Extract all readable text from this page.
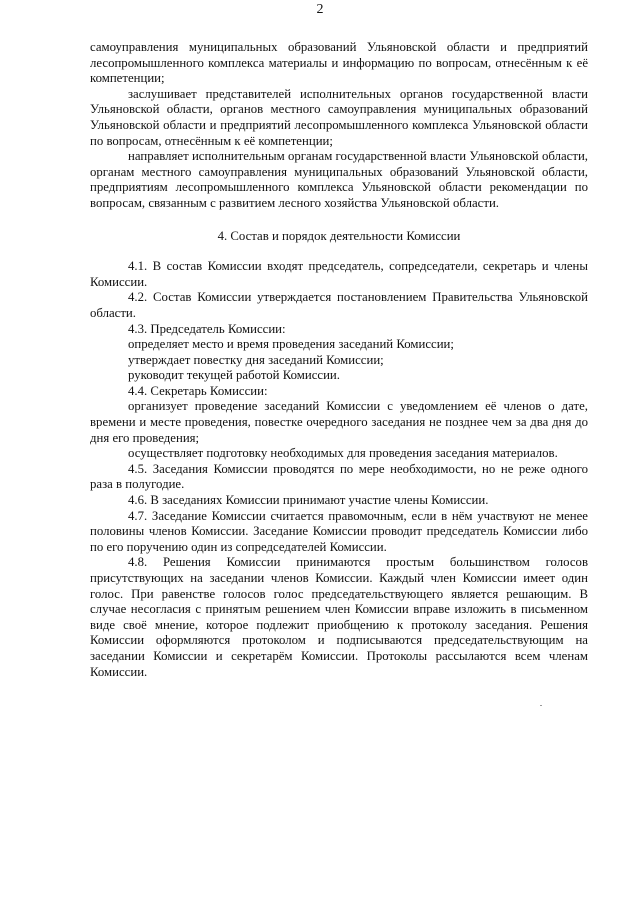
2

самоуправления муниципальных образований Ульяновской области и предприятий лесопромышленного комплекса материалы и информацию по вопросам, отнесённым к её компетенции;

заслушивает представителей исполнительных органов государственной власти Ульяновской области, органов местного самоуправления муниципальных образований Ульяновской области и предприятий лесопромышленного комплекса Ульяновской области по вопросам, отнесённым к её компетенции;

направляет исполнительным органам государственной власти Ульяновской области, органам местного самоуправления муниципальных образований Ульяновской области, предприятиям лесопромышленного комплекса Ульяновской области рекомендации по вопросам, связанным с развитием лесного хозяйства Ульяновской области.

4. Состав и порядок деятельности Комиссии

4.1. В состав Комиссии входят председатель, сопредседатели, секретарь и члены Комиссии.

4.2. Состав Комиссии утверждается постановлением Правительства Ульяновской области.

4.3. Председатель Комиссии:

определяет место и время проведения заседаний Комиссии;

утверждает повестку дня заседаний Комиссии;

руководит текущей работой Комиссии.

4.4. Секретарь Комиссии:

организует проведение заседаний Комиссии с уведомлением её членов о дате, времени и месте проведения, повестке очередного заседания не позднее чем за два дня до дня его проведения;

осуществляет подготовку необходимых для проведения заседания материалов.

4.5. Заседания Комиссии проводятся по мере необходимости, но не реже одного раза в полугодие.

4.6. В заседаниях Комиссии принимают участие члены Комиссии.

4.7. Заседание Комиссии считается правомочным, если в нём участвуют не менее половины членов Комиссии. Заседание Комиссии проводит председатель Комиссии либо по его поручению один из сопредседателей Комиссии.

4.8. Решения Комиссии принимаются простым большинством голосов присутствующих на заседании членов Комиссии. Каждый член Комиссии имеет один голос. При равенстве голосов голос председательствующего является решающим. В случае несогласия с принятым решением член Комиссии вправе изложить в письменном виде своё мнение, которое подлежит приобщению к протоколу заседания. Решения Комиссии оформляются протоколом и подписываются председательствующим на заседании Комиссии и секретарём Комиссии. Протоколы рассылаются всем членам Комиссии.
